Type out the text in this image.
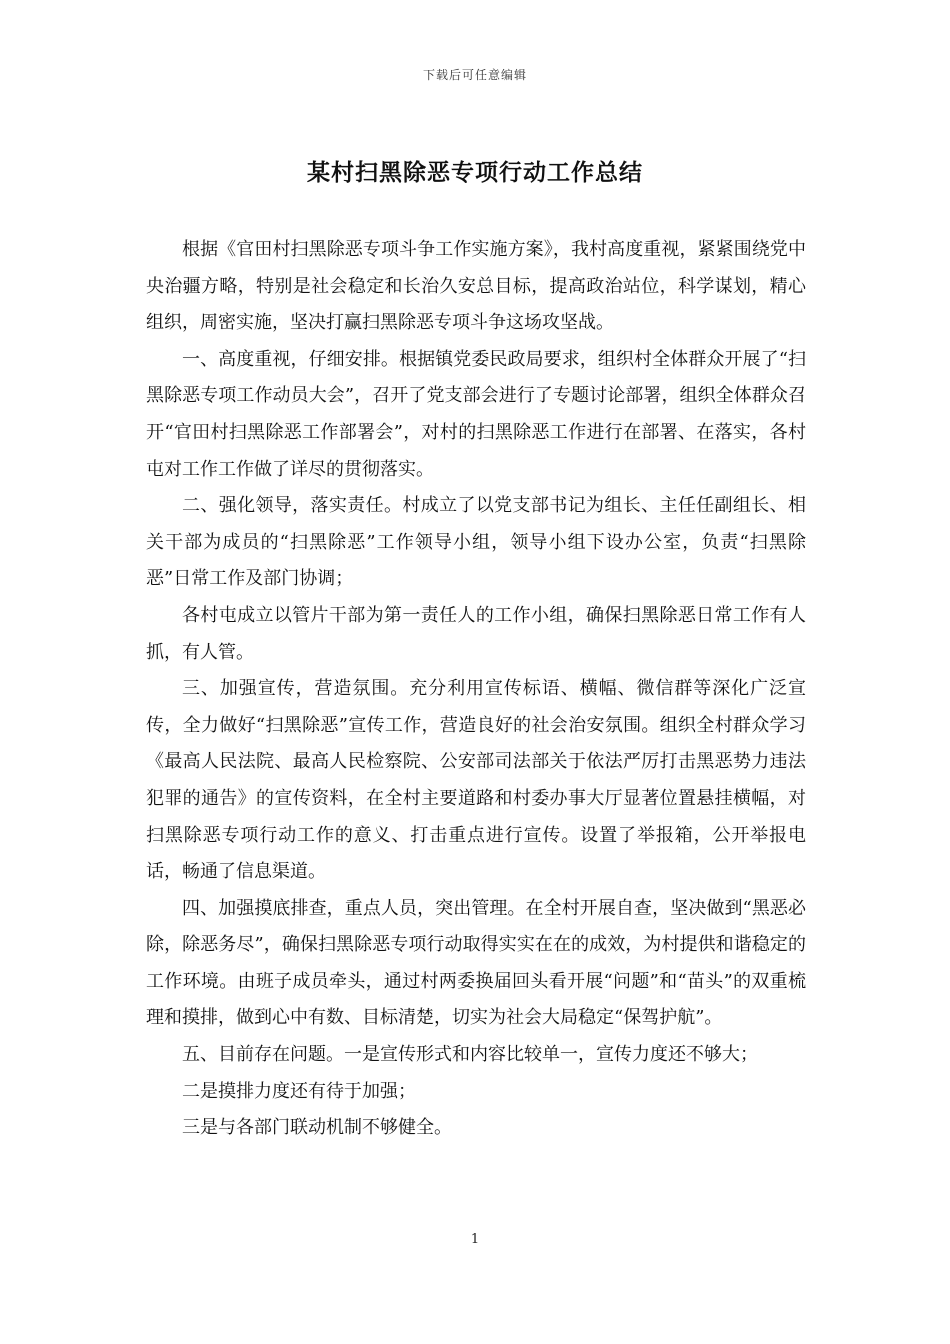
下载后可任意编辑
某村扫黑除恶专项行动工作总结

根据《官田村扫黑除恶专项斗争工作实施方案》，我村高度重视，紧紧围绕党中央治疆方略，特别是社会稳定和长治久安总目标，提高政治站位，科学谋划，精心组织，周密实施，坚决打赢扫黑除恶专项斗争这场攻坚战。

一、高度重视，仔细安排。根据镇党委民政局要求，组织村全体群众开展了“扫黑除恶专项工作动员大会”，召开了党支部会进行了专题讨论部署，组织全体群众召开“官田村扫黑除恶工作部署会”，对村的扫黑除恶工作进行在部署、在落实，各村屯对工作工作做了详尽的贯彻落实。

二、强化领导，落实责任。村成立了以党支部书记为组长、主任任副组长、相关干部为成员的“扫黑除恶”工作领导小组，领导小组下设办公室，负责“扫黑除恶”日常工作及部门协调；

各村屯成立以管片干部为第一责任人的工作小组，确保扫黑除恶日常工作有人抓，有人管。

三、加强宣传，营造氛围。充分利用宣传标语、横幅、微信群等深化广泛宣传，全力做好“扫黑除恶”宣传工作，营造良好的社会治安氛围。组织全村群众学习《最高人民法院、最高人民检察院、公安部司法部关于依法严厉打击黑恶势力违法犯罪的通告》的宣传资料，在全村主要道路和村委办事大厅显著位置悬挂横幅，对扫黑除恶专项行动工作的意义、打击重点进行宣传。设置了举报箱，公开举报电话，畅通了信息渠道。

四、加强摸底排查，重点人员，突出管理。在全村开展自查，坚决做到“黑恶必除，除恶务尽”，确保扫黑除恶专项行动取得实实在在的成效，为村提供和谐稳定的工作环境。由班子成员牵头，通过村两委换届回头看开展“问题”和“苗头”的双重梳理和摸排，做到心中有数、目标清楚，切实为社会大局稳定“保驾护航”。

五、目前存在问题。一是宣传形式和内容比较单一，宣传力度还不够大；

二是摸排力度还有待于加强；

三是与各部门联动机制不够健全。

1
